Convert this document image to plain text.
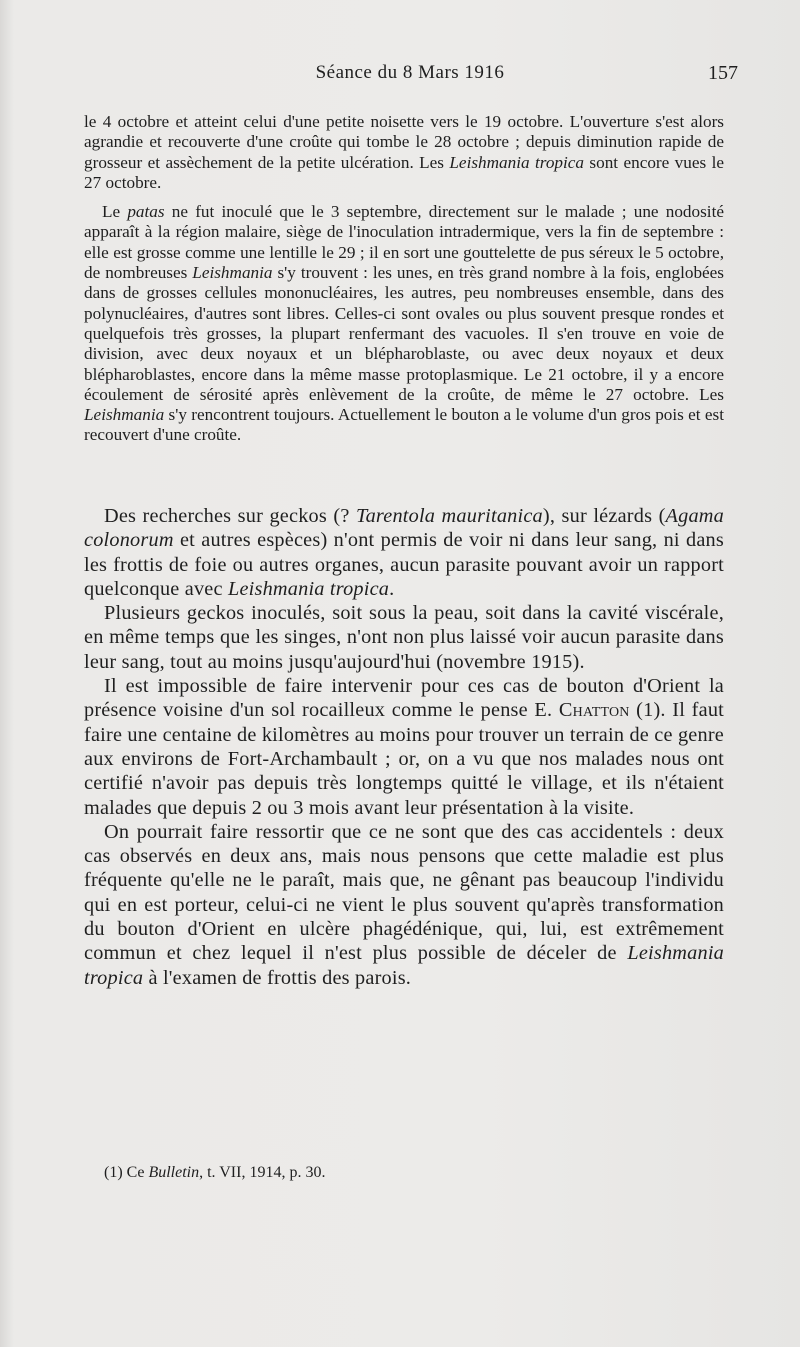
Séance du 8 Mars 1916	157

le 4 octobre et atteint celui d'une petite noisette vers le 19 octobre. L'ouverture s'est alors agrandie et recouverte d'une croûte qui tombe le 28 octobre ; depuis diminution rapide de grosseur et assèchement de la petite ulcération. Les Leishmania tropica sont encore vues le 27 octobre.

Le patas ne fut inoculé que le 3 septembre, directement sur le malade ; une nodosité apparaît à la région malaire, siège de l'inoculation intradermique, vers la fin de septembre : elle est grosse comme une lentille le 29 ; il en sort une gouttelette de pus séreux le 5 octobre, de nombreuses Leishmania s'y trouvent : les unes, en très grand nombre à la fois, englobées dans de grosses cellules mononucléaires, les autres, peu nombreuses ensemble, dans des polynucléaires, d'autres sont libres. Celles-ci sont ovales ou plus souvent presque rondes et quelquefois très grosses, la plupart renfermant des vacuoles. Il s'en trouve en voie de division, avec deux noyaux et un blépharoblaste, ou avec deux noyaux et deux blépharoblastes, encore dans la même masse protoplasmique. Le 21 octobre, il y a encore écoulement de sérosité après enlèvement de la croûte, de même le 27 octobre. Les Leishmania s'y rencontrent toujours. Actuellement le bouton a le volume d'un gros pois et est recouvert d'une croûte.

Des recherches sur geckos (? Tarentola mauritanica), sur lézards (Agama colonorum et autres espèces) n'ont permis de voir ni dans leur sang, ni dans les frottis de foie ou autres organes, aucun parasite pouvant avoir un rapport quelconque avec Leishmania tropica.

Plusieurs geckos inoculés, soit sous la peau, soit dans la cavité viscérale, en même temps que les singes, n'ont non plus laissé voir aucun parasite dans leur sang, tout au moins jusqu'aujourd'hui (novembre 1915).

Il est impossible de faire intervenir pour ces cas de bouton d'Orient la présence voisine d'un sol rocailleux comme le pense E. Chatton (1). Il faut faire une centaine de kilomètres au moins pour trouver un terrain de ce genre aux environs de Fort-Archambault ; or, on a vu que nos malades nous ont certifié n'avoir pas depuis très longtemps quitté le village, et ils n'étaient malades que depuis 2 ou 3 mois avant leur présentation à la visite.

On pourrait faire ressortir que ce ne sont que des cas accidentels : deux cas observés en deux ans, mais nous pensons que cette maladie est plus fréquente qu'elle ne le paraît, mais que, ne gênant pas beaucoup l'individu qui en est porteur, celui-ci ne vient le plus souvent qu'après transformation du bouton d'Orient en ulcère phagédénique, qui, lui, est extrêmement commun et chez lequel il n'est plus possible de déceler de Leishmania tropica à l'examen de frottis des parois.

(1) Ce Bulletin, t. VII, 1914, p. 30.
